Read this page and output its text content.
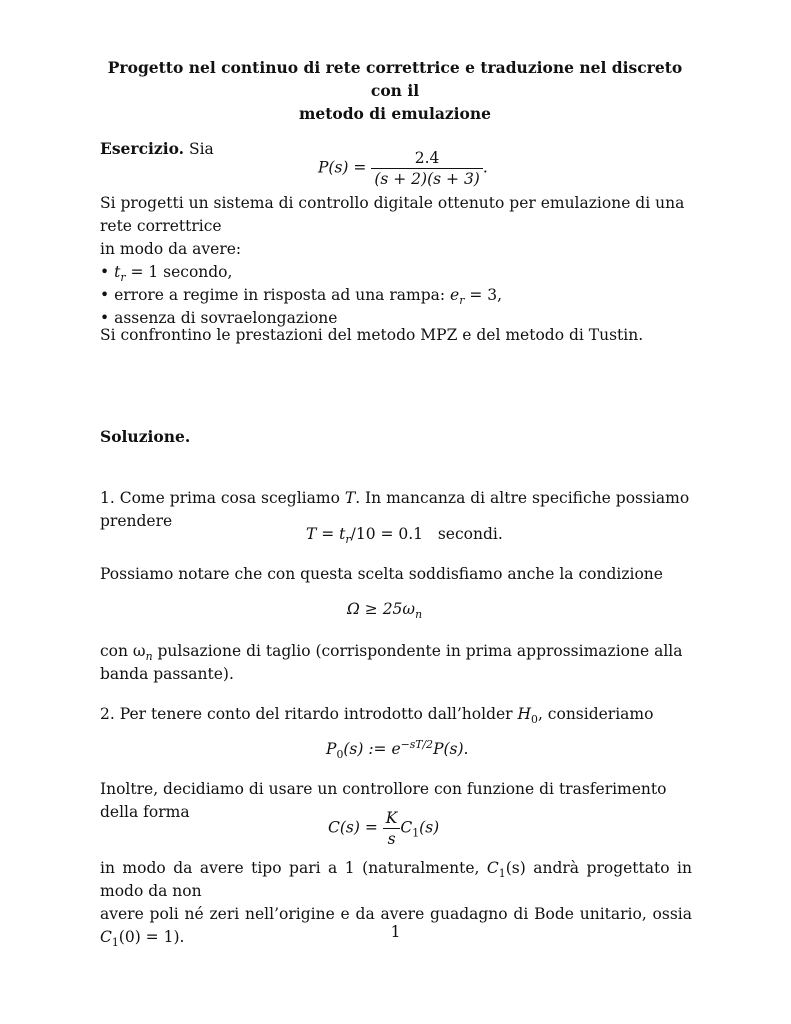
Progetto nel continuo di rete correttrice e traduzione nel discreto con il
metodo di emulazione
Esercizio. Sia
$P(s) = \frac{2.4}{(s + 2)(s + 3)}$ .
Si progetti un sistema di controllo digitale ottenuto per emulazione di una rete correttrice
in modo da avere:
• $t_r = 1$ secondo,
• errore a regime in risposta ad una rampa: $e_r = 3$,
• assenza di sovraelongazione
Si confrontino le prestazioni del metodo MPZ e del metodo di Tustin.
Soluzione.
1. Come prima cosa scegliamo T. In mancanza di altre specifiche possiamo prendere
$T = t_r/10 = 0.1$ secondi.
Possiamo notare che con questa scelta soddisfiamo anche la condizione
$\Omega \ge 25\omega_n$
con $\omega_n$ pulsazione di taglio (corrispondente in prima approssimazione alla banda passante).
2. Per tenere conto del ritardo introdotto dall’holder $H_0$, consideriamo
$P_0(s)$ := $e^{-sT/2}P(s)$.
Inoltre, decidiamo di usare un controllore con funzione di trasferimento della forma
$C(s) = \frac{K}{s} C_1(s)$
in modo da avere tipo pari a 1 (naturalmente, $C_1(s)$ andrà progettato in modo da non
avere poli né zeri nell’origine e da avere guadagno di Bode unitario, ossia $C_1(0) = 1$).	1
